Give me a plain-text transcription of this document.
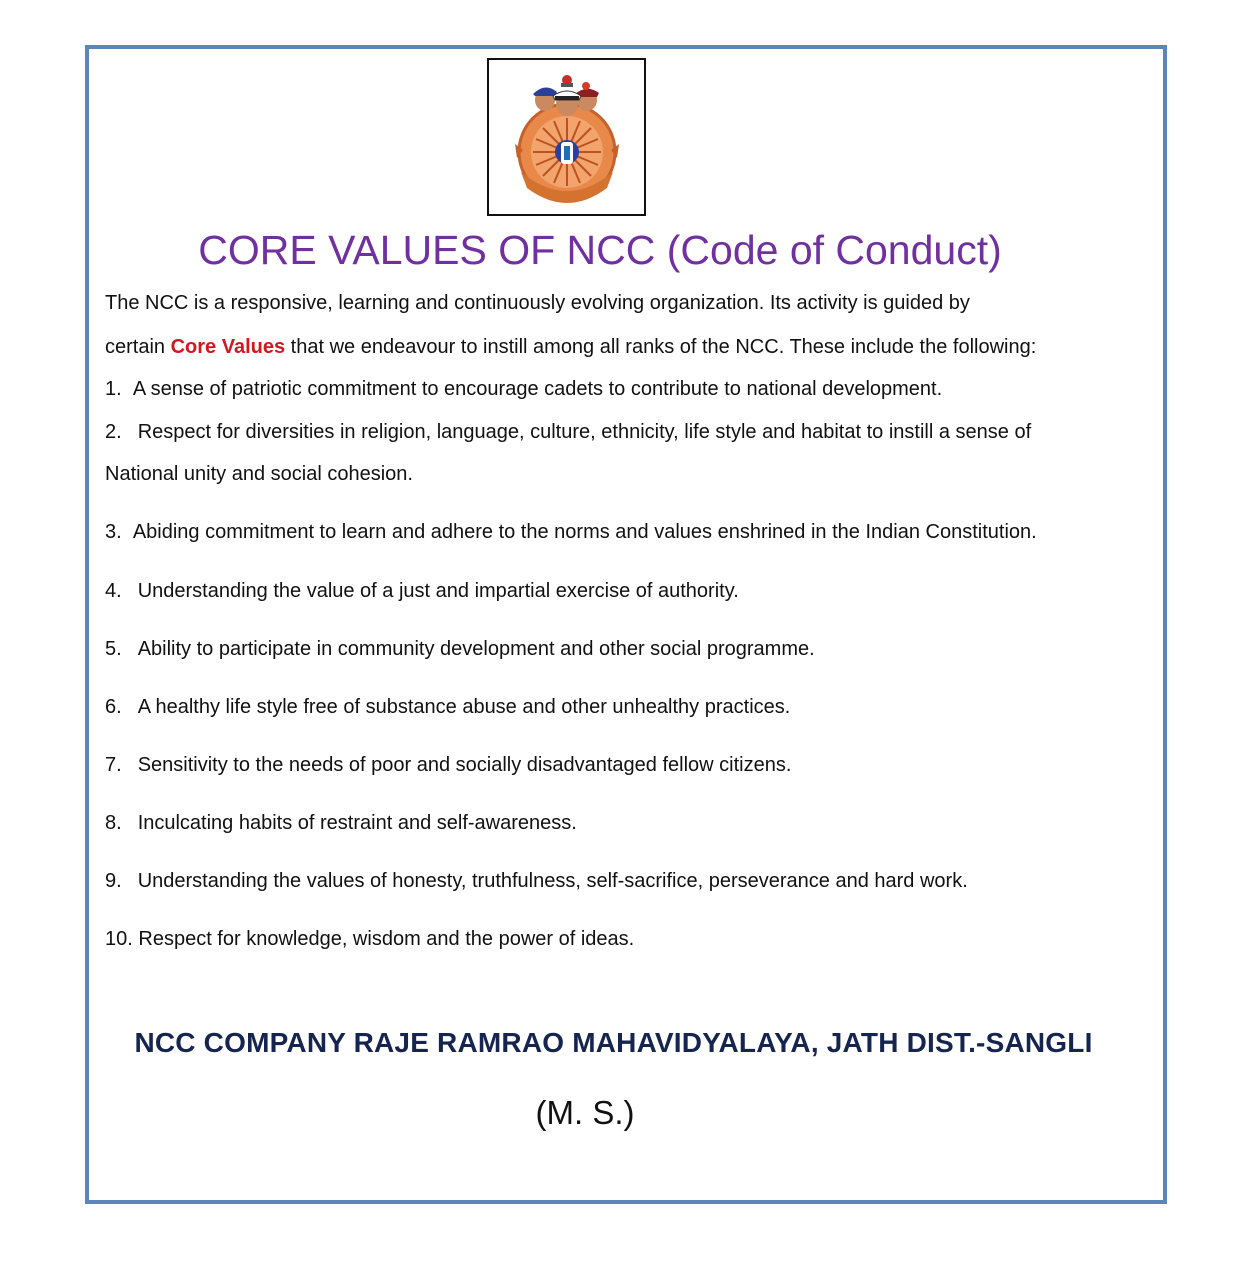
CORE VALUES OF NCC (Code of Conduct)
The NCC is a responsive, learning and continuously evolving organization. Its activity is guided by
certain Core Values that we endeavour to instill among all ranks of the NCC. These include the following:
1. A sense of patriotic commitment to encourage cadets to contribute to national development.
2. Respect for diversities in religion, language, culture, ethnicity, life style and habitat to instill a sense of
National unity and social cohesion.
3. Abiding commitment to learn and adhere to the norms and values enshrined in the Indian Constitution.
4. Understanding the value of a just and impartial exercise of authority.
5. Ability to participate in community development and other social programme.
6. A healthy life style free of substance abuse and other unhealthy practices.
7. Sensitivity to the needs of poor and socially disadvantaged fellow citizens.
8. Inculcating habits of restraint and self-awareness.
9. Understanding the values of honesty, truthfulness, self-sacrifice, perseverance and hard work.
10. Respect for knowledge, wisdom and the power of ideas.
NCC COMPANY RAJE RAMRAO MAHAVIDYALAYA, JATH DIST.-SANGLI
(M. S.)
